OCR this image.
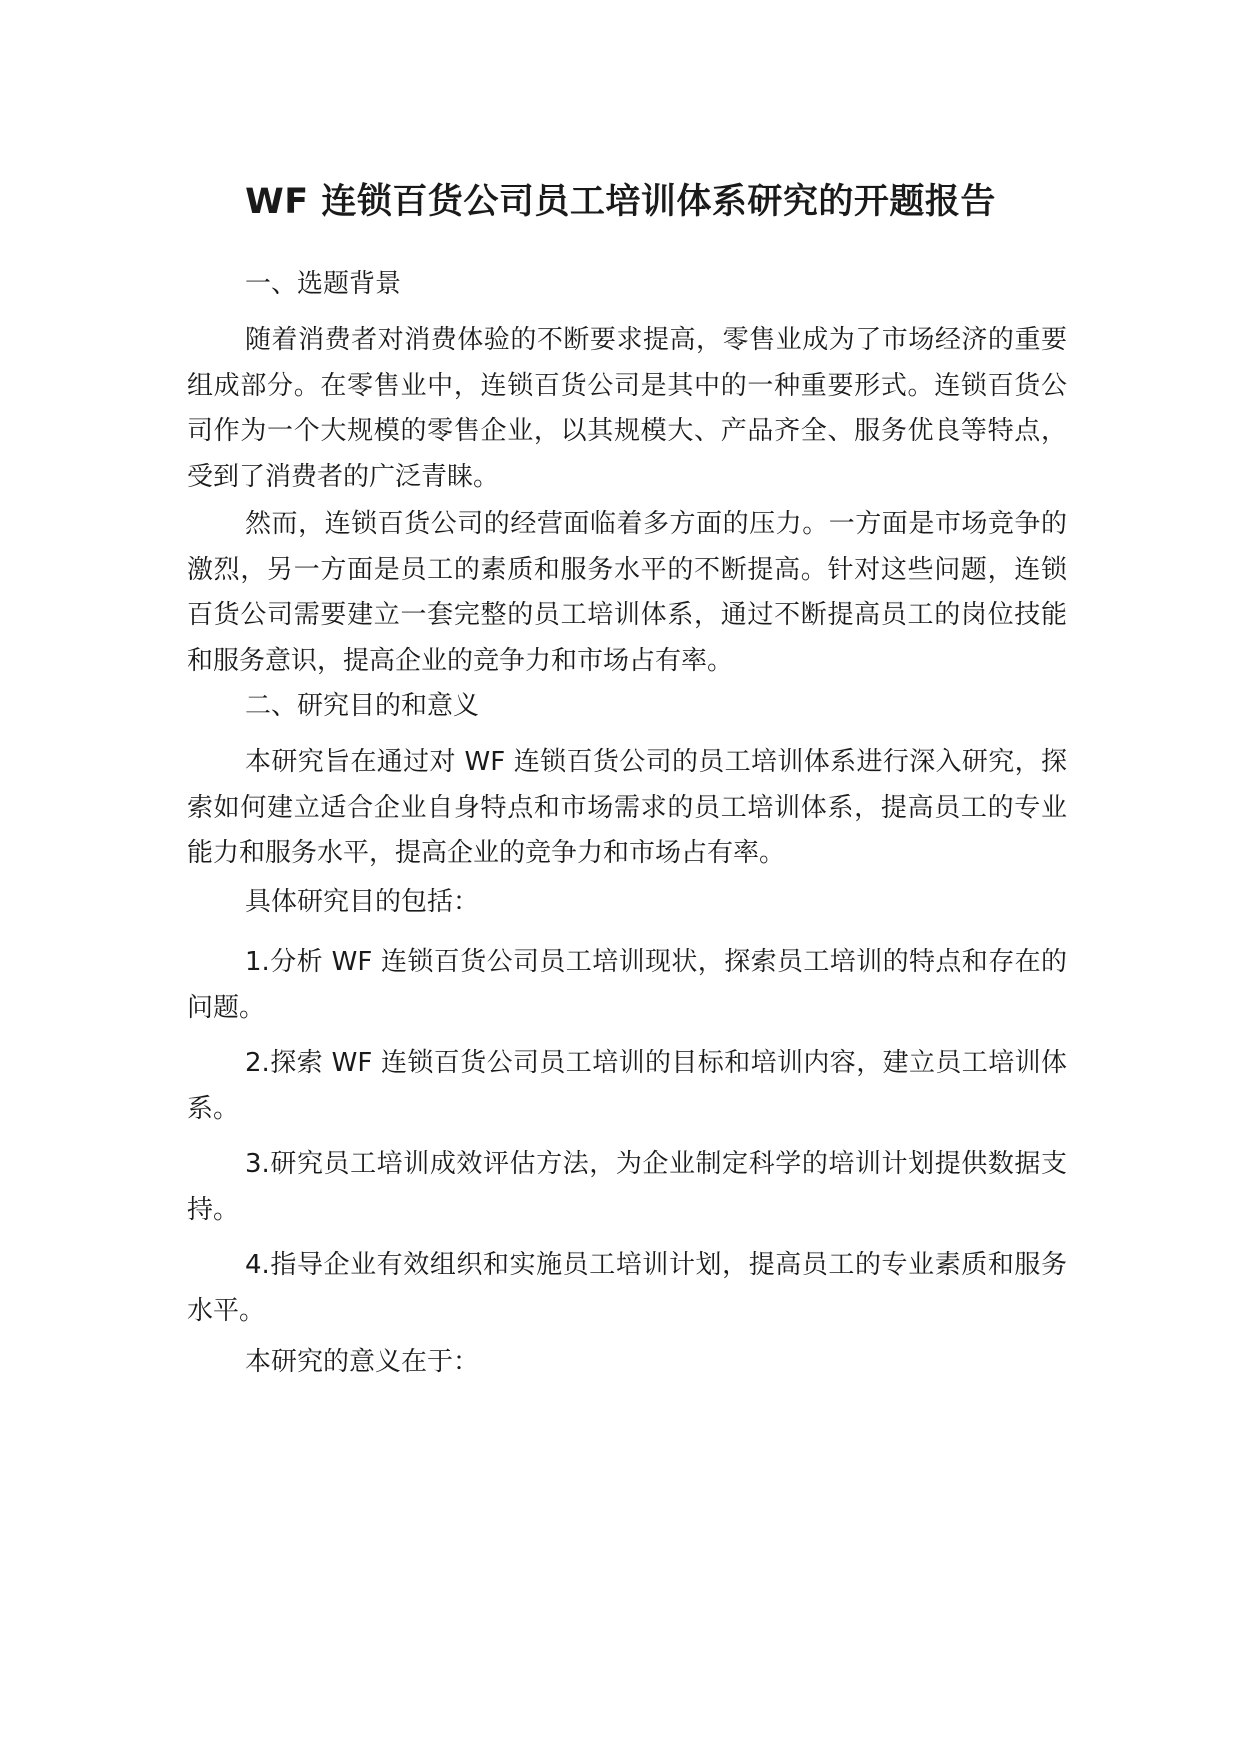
WF 连锁百货公司员工培训体系研究的开题报告

一、选题背景

随着消费者对消费体验的不断要求提高，零售业成为了市场经济的重要组成部分。在零售业中，连锁百货公司是其中的一种重要形式。连锁百货公司作为一个大规模的零售企业，以其规模大、产品齐全、服务优良等特点，受到了消费者的广泛青睐。

然而，连锁百货公司的经营面临着多方面的压力。一方面是市场竞争的激烈，另一方面是员工的素质和服务水平的不断提高。针对这些问题，连锁百货公司需要建立一套完整的员工培训体系，通过不断提高员工的岗位技能和服务意识，提高企业的竞争力和市场占有率。

二、研究目的和意义

本研究旨在通过对 WF 连锁百货公司的员工培训体系进行深入研究，探索如何建立适合企业自身特点和市场需求的员工培训体系，提高员工的专业能力和服务水平，提高企业的竞争力和市场占有率。

具体研究目的包括：

1.分析 WF 连锁百货公司员工培训现状，探索员工培训的特点和存在的问题。

2.探索 WF 连锁百货公司员工培训的目标和培训内容，建立员工培训体系。

3.研究员工培训成效评估方法，为企业制定科学的培训计划提供数据支持。

4.指导企业有效组织和实施员工培训计划，提高员工的专业素质和服务水平。

本研究的意义在于：
